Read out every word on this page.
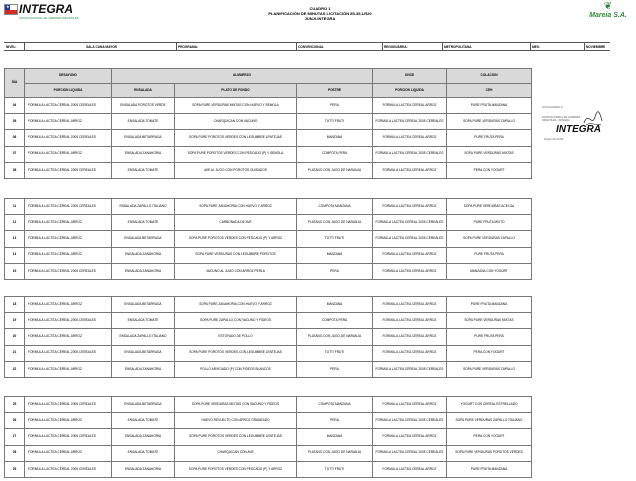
★ INTEGRA
JUNTA NACIONAL DE JARDINES INFANTILES
CUADRO 1
PLANIFICACIÓN DE MINUTAS LICITACIÓN 85-35-LR20
JUNJI-INTEGRA
❦
Mareia S.A.
NIVEL:	SALA CUNA MAYOR	PROGRAMA:	CONVENCIONAL	REGION/ÁREA:	METROPOLITANA	MES:	NOVIEMBRE
ACTUALIZADO A:
JUNTA NACIONAL DE JARDINES INFANTILES · INTEGRA
INTEGRA
Fecha: 05-10-08
DÍA	DESAYUNO	ALMUERZO			ONCE	COLACION
	PORCION LIQUIDA	ENSALADA	PLATO DE FONDO	POSTRE	PORCION LIQUIDA	CEH
04	FORMULA LACTEA CEREAL 2005 CEREALES	ENSALADA POROTOS VERDE	SOPA PURE VERDURAS MIXTAS CON HUEVO Y SEMOLA	PERA	FORMULA LACTEA CEREAL ARROZ	PURE FRUTA MANZANA
05	FORMULA LACTEA CEREAL ARROZ	ENSALADA TOMATE	CHARQUICAN CON VACUNO	TUTTI FRUTI	FORMULA LACTEA CEREAL 2005 CEREALES	SOPA PURE VERDURAS ZAPALLO
06	FORMULA LACTEA CEREAL 2005 CEREALES	ENSALADA BETARRAGA	SOPA PURE POROTOS VERDES CON LEGUMBRE LENTEJAS	MANZANA	FORMULA LACTEA CEREAL ARROZ	PURE FRUTA PERA
07	FORMULA LACTEA CEREAL ARROZ	ENSALADA ZANAHORIA	SOPA PURE POROTOS VERDES CON PESCADO (P) Y SEMOLA	COMPOTA PERA	FORMULA LACTEA CEREAL 2005 CEREALES	SOPA PURE VERDURAS MIXTAS
08	FORMULA LACTEA CEREAL 2005 CEREALES	ENSALADA TOMATE	AVE AL JUGO CON POROTOS GUISADOS	PLATANO CON JUGO DE NARANJA	FORMULA LACTEA CEREAL ARROZ	PERA CON YOGURT
11	FORMULA LACTEA CEREAL 2005 CEREALES	ENSALADA ZAPALLO ITALIANO	SOPA PURE ZANAHORIA CON HUEVO Y ARROZ	COMPOTA MANZANA	FORMULA LACTEA CEREAL ARROZ	SOPA PURE VERDURAS ACELGA
12	FORMULA LACTEA CEREAL ARROZ	ENSALADA TOMATE	CARBONADA DE AVE	PLATANO CON JUGO DE NARANJA	FORMULA LACTEA CEREAL 2005 CEREALES	PURE FRUTA MIXTO
13	FORMULA LACTEA CEREAL ARROZ	ENSALADA BETARRAGA	SOPA PURE POROTOS VERDES CON PESCADO (P) Y ARROZ	TUTTI FRUTI	FORMULA LACTEA CEREAL 2005 CEREALES	SOPA PURE VERDURAS ZAPALLO
14	FORMULA LACTEA CEREAL ARROZ	ENSALADA ZANAHORIA	SOPA PURE VERDURAS CON LEGUMBRE POROTOS	MANZANA	FORMULA LACTEA CEREAL ARROZ	PURE FRUTA PERA
15	FORMULA LACTEA CEREAL 2005 CEREALES	ENSALADA ZANAHORIA	VACUNO AL JUGO CON ARROZ PERLA	PERA	FORMULA LACTEA CEREAL ARROZ	MANZANA CON YOGURT
18	FORMULA LACTEA CEREAL ARROZ	ENSALADA BETARRAGA	SOPA PURE ZANAHORIA CON HUEVO Y ARROZ	MANZANA	FORMULA LACTEA CEREAL ARROZ	PURE FRUTA MANZANA
19	FORMULA LACTEA CEREAL 2005 CEREALES	ENSALADA TOMATE	SOPA PURE ZAPALLO CON VACUNO Y FIDEOS	COMPOTA PERA	FORMULA LACTEA CEREAL ARROZ	SOPA PURE VERDURAS MIXTAS
20	FORMULA LACTEA CEREAL ARROZ	ENSALADA ZAPALLO ITALIANO	ESTOFADO DE POLLO	PLATANO CON JUGO DE NARANJA	FORMULA LACTEA CEREAL ARROZ	PURE FRUTA PERA
21	FORMULA LACTEA CEREAL 2005 CEREALES	ENSALADA BETARRAGA	SOPA PURE POROTOS VERDES CON LEGUMBRE LENTEJAS	TUTTI FRUTI	FORMULA LACTEA CEREAL ARROZ	PERA CON YOGURT
22	FORMULA LACTEA CEREAL ARROZ	ENSALADA ZANAHORIA	POLLO ARVEJADO (P) CON FIDEOS BLANCOS	PERA	FORMULA LACTEA CEREAL 2005 CEREALES	SOPA PURE VERDURAS ZAPALLO
25	FORMULA LACTEA CEREAL 2005 CEREALES	ENSALADA BETARRAGA	SOPA PURE VERDURAS MIXTAS CON VACUNO Y FIDEOS	COMPOTA MANZANA	FORMULA LACTEA CEREAL ARROZ	YOGURT CON CEREAL ESTRELLADO
26	FORMULA LACTEA CEREAL ARROZ	ENSALADA TOMATE	HUEVO REVUELTO CON ARROZ GRANEADO	PERA	FORMULA LACTEA CEREAL 2005 CEREALES	SOPA PURE VERDURAS ZAPALLO ITALIANO
27	FORMULA LACTEA CEREAL 2005 CEREALES	ENSALADA ZANAHORIA	SOPA PURE POROTOS VERDES CON LEGUMBRE LENTEJAS	MANZANA	FORMULA LACTEA CEREAL ARROZ	PERA CON YOGURT
28	FORMULA LACTEA CEREAL ARROZ	ENSALADA TOMATE	CHARQUICAN CON AVE	PLATANO CON JUGO DE NARANJA	FORMULA LACTEA CEREAL 2005 CEREALES	SOPA PURE VERDURAS POROTOS VERDES
29	FORMULA LACTEA CEREAL 2005 CEREALES	ENSALADA ZANAHORIA	SOPA PURE POROTOS VERDES CON PESCADO (P) Y ARROZ	TUTTI FRUTI	FORMULA LACTEA CEREAL ARROZ	PURE FRUTA MANZANA
